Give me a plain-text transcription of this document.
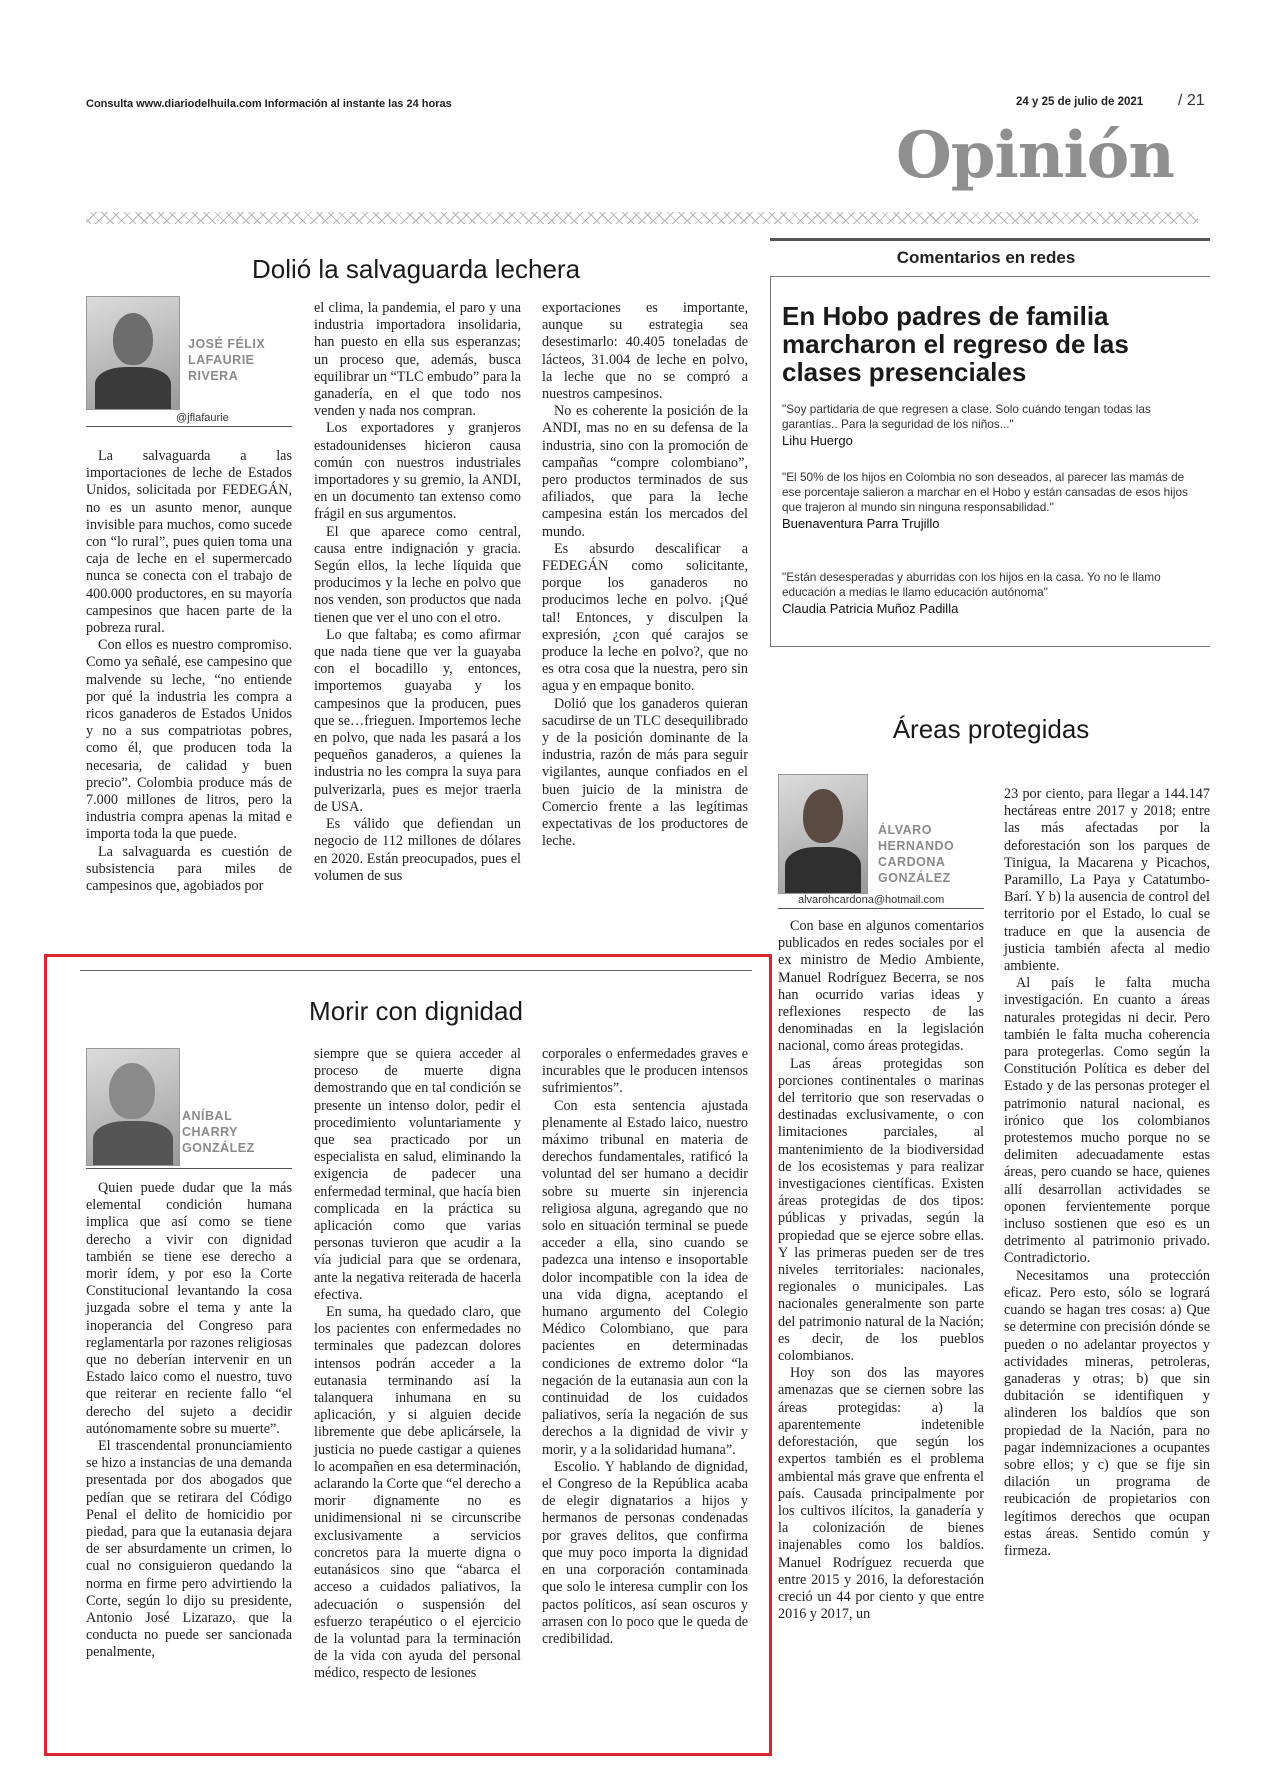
Consulta www.diariodelhuila.com Información al instante las 24 horas	24 y 25 de julio de 2021 / 21
Opinión
Dolió la salvaguarda lechera
JOSÉ FÉLIX
LAFAURIE
RIVERA
@jflafaurie

La salvaguarda a las importaciones de leche de Estados Unidos, solicitada por FEDEGÁN, no es un asunto menor, aunque invisible para muchos, como sucede con “lo rural”, pues quien toma una caja de leche en el supermercado nunca se conecta con el trabajo de 400.000 productores, en su mayoría campesinos que hacen parte de la pobreza rural.

Con ellos es nuestro compromiso. Como ya señalé, ese campesino que malvende su leche, “no entiende por qué la industria les compra a ricos ganaderos de Estados Unidos y no a sus compatriotas pobres, como él, que producen toda la necesaria, de calidad y buen precio”. Colombia produce más de 7.000 millones de litros, pero la industria compra apenas la mitad e importa toda la que puede.

La salvaguarda es cuestión de subsistencia para miles de campesinos que, agobiados por

el clima, la pandemia, el paro y una industria importadora insolidaria, han puesto en ella sus esperanzas; un proceso que, además, busca equilibrar un “TLC embudo” para la ganadería, en el que todo nos venden y nada nos compran.

Los exportadores y granjeros estadounidenses hicieron causa común con nuestros industriales importadores y su gremio, la ANDI, en un documento tan extenso como frágil en sus argumentos.

El que aparece como central, causa entre indignación y gracia. Según ellos, la leche líquida que producimos y la leche en polvo que nos venden, son productos que nada tienen que ver el uno con el otro.

Lo que faltaba; es como afirmar que nada tiene que ver la guayaba con el bocadillo y, entonces, importemos guayaba y los campesinos que la producen, pues que se…frieguen. Importemos leche en polvo, que nada les pasará a los pequeños ganaderos, a quienes la industria no les compra la suya para pulverizarla, pues es mejor traerla de USA.

Es válido que defiendan un negocio de 112 millones de dólares en 2020. Están preocupados, pues el volumen de sus

exportaciones es importante, aunque su estrategia sea desestimarlo: 40.405 toneladas de lácteos, 31.004 de leche en polvo, la leche que no se compró a nuestros campesinos.

No es coherente la posición de la ANDI, mas no en su defensa de la industria, sino con la promoción de campañas “compre colombiano”, pero productos terminados de sus afiliados, que para la leche campesina están los mercados del mundo.

Es absurdo descalificar a FEDEGÁN como solicitante, porque los ganaderos no producimos leche en polvo. ¡Qué tal! Entonces, y disculpen la expresión, ¿con qué carajos se produce la leche en polvo?, que no es otra cosa que la nuestra, pero sin agua y en empaque bonito.

Dolió que los ganaderos quieran sacudirse de un TLC desequilibrado y de la posición dominante de la industria, razón de más para seguir vigilantes, aunque confiados en el buen juicio de la ministra de Comercio frente a las legítimas expectativas de los productores de leche.

Comentarios en redes
En Hobo padres de familia marcharon el regreso de las clases presenciales
"Soy partidaria de que regresen a clase. Solo cuándo tengan todas las garantías.. Para la seguridad de los niños..."
Lihu Huergo
"El 50% de los hijos en Colombia no son deseados, al parecer las mamás de ese porcentaje salieron a marchar en el Hobo y están cansadas de esos hijos que trajeron al mundo sin ninguna responsabilidad."
Buenaventura Parra Trujillo
"Están desesperadas y aburridas con los hijos en la casa. Yo no le llamo educación a medias le llamo educación autónoma"
Claudia Patricia Muñoz Padilla
Áreas protegidas
ÁLVARO
HERNANDO
CARDONA
GONZÁLEZ
alvarohcardona@hotmail.com

Con base en algunos comentarios publicados en redes sociales por el ex ministro de Medio Ambiente, Manuel Rodríguez Becerra, se nos han ocurrido varias ideas y reflexiones respecto de las denominadas en la legislación nacional, como áreas protegidas.

Las áreas protegidas son porciones continentales o marinas del territorio que son reservadas o destinadas exclusivamente, o con limitaciones parciales, al mantenimiento de la biodiversidad de los ecosistemas y para realizar investigaciones científicas. Existen áreas protegidas de dos tipos: públicas y privadas, según la propiedad que se ejerce sobre ellas. Y las primeras pueden ser de tres niveles territoriales: nacionales, regionales o municipales. Las nacionales generalmente son parte del patrimonio natural de la Nación; es decir, de los pueblos colombianos.

Hoy son dos las mayores amenazas que se ciernen sobre las áreas protegidas: a) la aparentemente indetenible deforestación, que según los expertos también es el problema ambiental más grave que enfrenta el país. Causada principalmente por los cultivos ilícitos, la ganadería y la colonización de bienes inajenables como los baldíos. Manuel Rodríguez recuerda que entre 2015 y 2016, la deforestación creció un 44 por ciento y que entre 2016 y 2017, un

23 por ciento, para llegar a 144.147 hectáreas entre 2017 y 2018; entre las más afectadas por la deforestación son los parques de Tinigua, la Macarena y Picachos, Paramillo, La Paya y Catatumbo-Barí. Y b) la ausencia de control del territorio por el Estado, lo cual se traduce en que la ausencia de justicia también afecta al medio ambiente.

Al país le falta mucha investigación. En cuanto a áreas naturales protegidas ni decir. Pero también le falta mucha coherencia para protegerlas. Como según la Constitución Política es deber del Estado y de las personas proteger el patrimonio natural nacional, es irónico que los colombianos protestemos mucho porque no se delimiten adecuadamente estas áreas, pero cuando se hace, quienes allí desarrollan actividades se oponen fervientemente porque incluso sostienen que eso es un detrimento al patrimonio privado. Contradictorio.

Necesitamos una protección eficaz. Pero esto, sólo se logrará cuando se hagan tres cosas: a) Que se determine con precisión dónde se pueden o no adelantar proyectos y actividades mineras, petroleras, ganaderas y otras; b) que sin dubitación se identifiquen y alinderen los baldíos que son propiedad de la Nación, para no pagar indemnizaciones a ocupantes sobre ellos; y c) que se fije sin dilación un programa de reubicación de propietarios con legítimos derechos que ocupan estas áreas. Sentido común y firmeza.

Morir con dignidad
ANÍBAL
CHARRY
GONZÁLEZ

Quien puede dudar que la más elemental condición humana implica que así como se tiene derecho a vivir con dignidad también se tiene ese derecho a morir ídem, y por eso la Corte Constitucional levantando la cosa juzgada sobre el tema y ante la inoperancia del Congreso para reglamentarla por razones religiosas que no deberían intervenir en un Estado laico como el nuestro, tuvo que reiterar en reciente fallo “el derecho del sujeto a decidir autónomamente sobre su muerte”.

El trascendental pronunciamiento se hizo a instancias de una demanda presentada por dos abogados que pedían que se retirara del Código Penal el delito de homicidio por piedad, para que la eutanasia dejara de ser absurdamente un crimen, lo cual no consiguieron quedando la norma en firme pero advirtiendo la Corte, según lo dijo su presidente, Antonio José Lizarazo, que la conducta no puede ser sancionada penalmente,

siempre que se quiera acceder al proceso de muerte digna demostrando que en tal condición se presente un intenso dolor, pedir el procedimiento voluntariamente y que sea practicado por un especialista en salud, eliminando la exigencia de padecer una enfermedad terminal, que hacía bien complicada en la práctica su aplicación como que varias personas tuvieron que acudir a la vía judicial para que se ordenara, ante la negativa reiterada de hacerla efectiva.

En suma, ha quedado claro, que los pacientes con enfermedades no terminales que padezcan dolores intensos podrán acceder a la eutanasia terminando así la talanquera inhumana en su aplicación, y si alguien decide libremente que debe aplicársele, la justicia no puede castigar a quienes lo acompañen en esa determinación, aclarando la Corte que “el derecho a morir dignamente no es unidimensional ni se circunscribe exclusivamente a servicios concretos para la muerte digna o eutanásicos sino que “abarca el acceso a cuidados paliativos, la adecuación o suspensión del esfuerzo terapéutico o el ejercicio de la voluntad para la terminación de la vida con ayuda del personal médico, respecto de lesiones

corporales o enfermedades graves e incurables que le producen intensos sufrimientos”.

Con esta sentencia ajustada plenamente al Estado laico, nuestro máximo tribunal en materia de derechos fundamentales, ratificó la voluntad del ser humano a decidir sobre su muerte sin injerencia religiosa alguna, agregando que no solo en situación terminal se puede acceder a ella, sino cuando se padezca una intenso e insoportable dolor incompatible con la idea de una vida digna, aceptando el humano argumento del Colegio Médico Colombiano, que para pacientes en determinadas condiciones de extremo dolor “la negación de la eutanasia aun con la continuidad de los cuidados paliativos, sería la negación de sus derechos a la dignidad de vivir y morir, y a la solidaridad humana”.

Escolio. Y hablando de dignidad, el Congreso de la República acaba de elegir dignatarios a hijos y hermanos de personas condenadas por graves delitos, que confirma que muy poco importa la dignidad en una corporación contaminada que solo le interesa cumplir con los pactos políticos, así sean oscuros y arrasen con lo poco que le queda de credibilidad.
